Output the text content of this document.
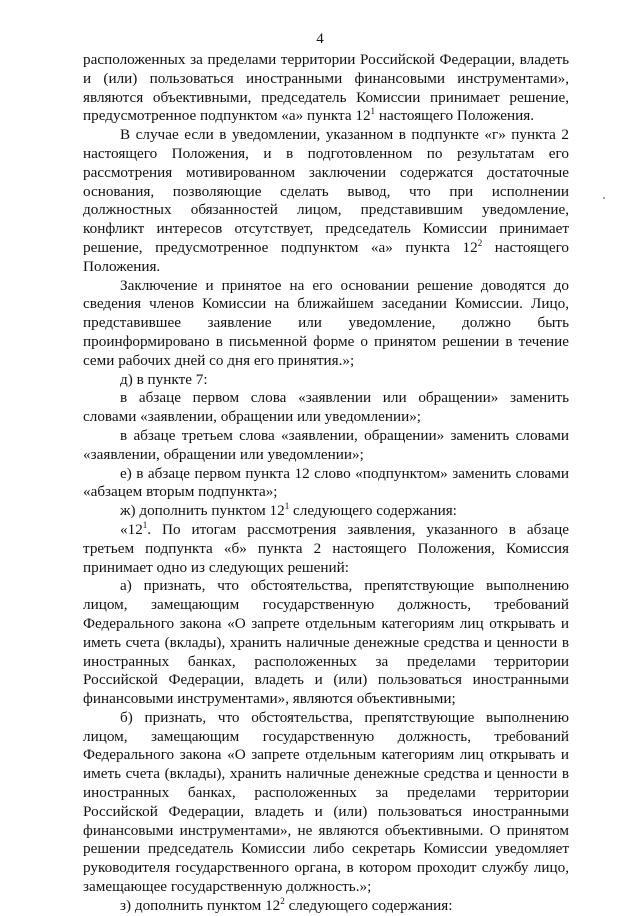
4

расположенных за пределами территории Российской Федерации, владеть и (или) пользоваться иностранными финансовыми инструментами», являются объективными, председатель Комиссии принимает решение, предусмотренное подпунктом «а» пункта $12^1$ настоящего Положения.

В случае если в уведомлении, указанном в подпункте «г» пункта 2 настоящего Положения, и в подготовленном по результатам его рассмотрения мотивированном заключении содержатся достаточные основания, позволяющие сделать вывод, что при исполнении должностных обязанностей лицом, представившим уведомление, конфликт интересов отсутствует, председатель Комиссии принимает решение, предусмотренное подпунктом «а» пункта $12^2$ настоящего Положения.

Заключение и принятое на его основании решение доводятся до сведения членов Комиссии на ближайшем заседании Комиссии. Лицо, представившее заявление или уведомление, должно быть проинформировано в письменной форме о принятом решении в течение семи рабочих дней со дня его принятия.»;

д) в пункте 7:

в абзаце первом слова «заявлении или обращении» заменить словами «заявлении, обращении или уведомлении»;

в абзаце третьем слова «заявлении, обращении» заменить словами «заявлении, обращении или уведомлении»;

е) в абзаце первом пункта 12 слово «подпунктом» заменить словами «абзацем вторым подпункта»;

ж) дополнить пунктом $12^1$ следующего содержания:

«$12^1$. По итогам рассмотрения заявления, указанного в абзаце третьем подпункта «б» пункта 2 настоящего Положения, Комиссия принимает одно из следующих решений:

а) признать, что обстоятельства, препятствующие выполнению лицом, замещающим государственную должность, требований Федерального закона «О запрете отдельным категориям лиц открывать и иметь счета (вклады), хранить наличные денежные средства и ценности в иностранных банках, расположенных за пределами территории Российской Федерации, владеть и (или) пользоваться иностранными финансовыми инструментами», являются объективными;

б) признать, что обстоятельства, препятствующие выполнению лицом, замещающим государственную должность, требований Федерального закона «О запрете отдельным категориям лиц открывать и иметь счета (вклады), хранить наличные денежные средства и ценности в иностранных банках, расположенных за пределами территории Российской Федерации, владеть и (или) пользоваться иностранными финансовыми инструментами», не являются объективными. О принятом решении председатель Комиссии либо секретарь Комиссии уведомляет руководителя государственного органа, в котором проходит службу лицо, замещающее государственную должность.»;

з) дополнить пунктом $12^2$ следующего содержания:
